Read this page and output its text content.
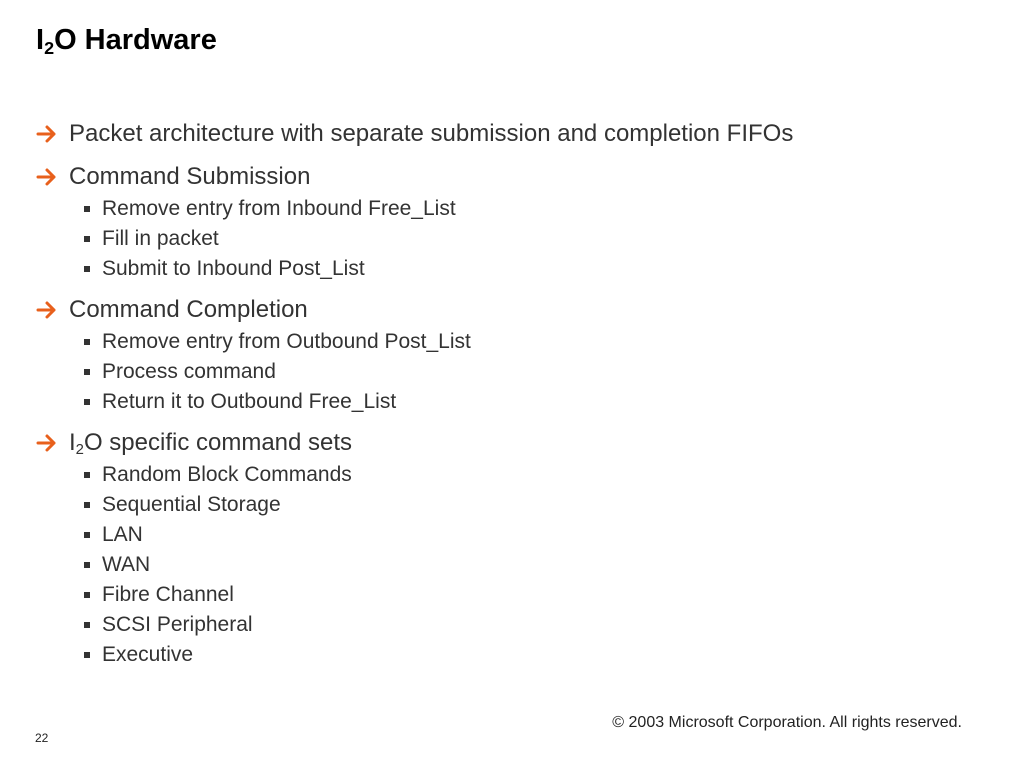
$I_2O$ Hardware
Packet architecture with separate submission and completion FIFOs
Command Submission
Remove entry from Inbound Free_List
Fill in packet
Submit to Inbound Post_List
Command Completion
Remove entry from Outbound Post_List
Process command
Return it to Outbound Free_List
$I_2O$ specific command sets
Random Block Commands
Sequential Storage
LAN
WAN
Fibre Channel
SCSI Peripheral
Executive
© 2003 Microsoft Corporation. All rights reserved.
22
